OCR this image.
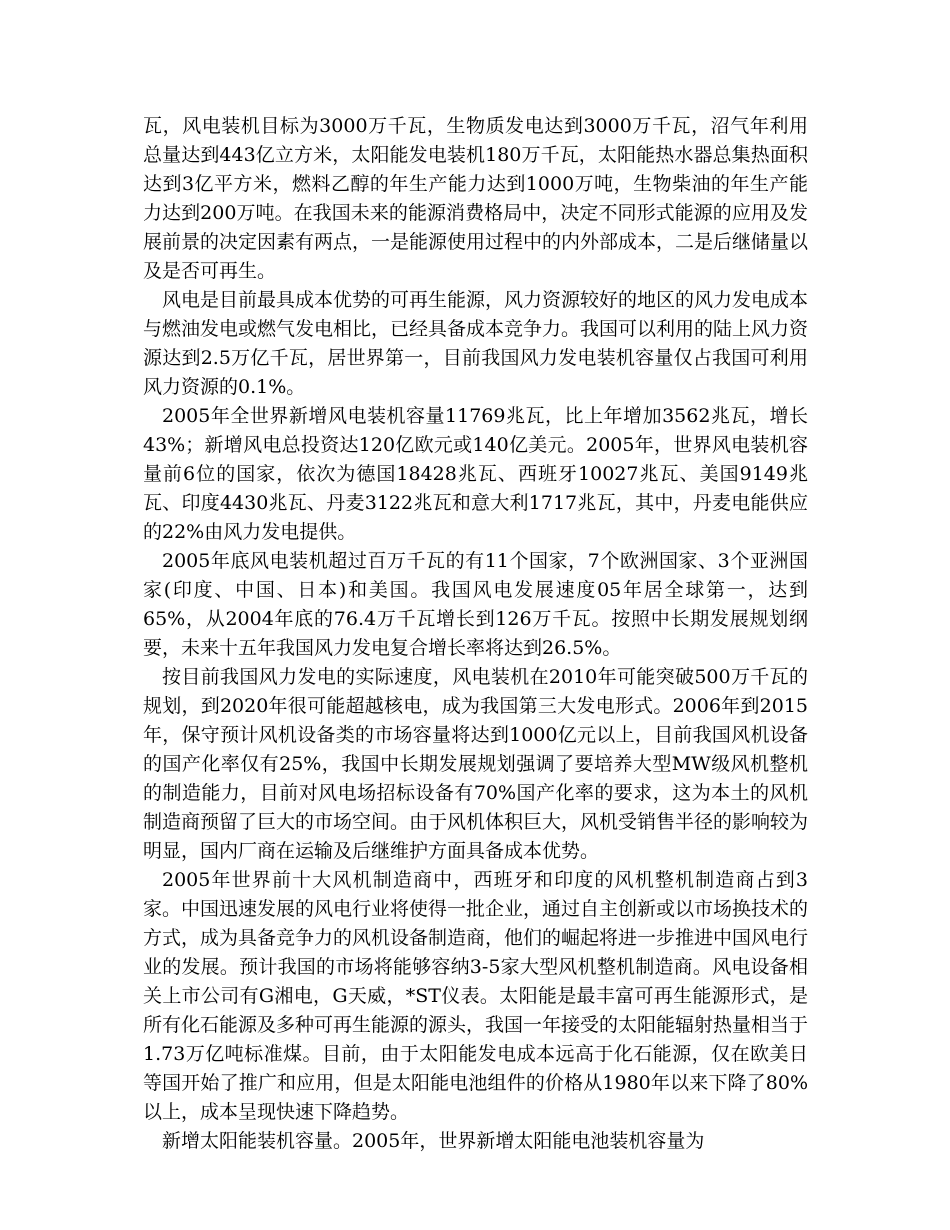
瓦，风电装机目标为3000万千瓦，生物质发电达到3000万千瓦，沼气年利用总量达到443亿立方米，太阳能发电装机180万千瓦，太阳能热水器总集热面积达到3亿平方米，燃料乙醇的年生产能力达到1000万吨，生物柴油的年生产能力达到200万吨。在我国未来的能源消费格局中，决定不同形式能源的应用及发展前景的决定因素有两点，一是能源使用过程中的内外部成本，二是后继储量以及是否可再生。

风电是目前最具成本优势的可再生能源，风力资源较好的地区的风力发电成本与燃油发电或燃气发电相比，已经具备成本竞争力。我国可以利用的陆上风力资源达到2.5万亿千瓦，居世界第一，目前我国风力发电装机容量仅占我国可利用风力资源的0.1%。

2005年全世界新增风电装机容量11769兆瓦，比上年增加3562兆瓦，增长43%；新增风电总投资达120亿欧元或140亿美元。2005年，世界风电装机容量前6位的国家，依次为德国18428兆瓦、西班牙10027兆瓦、美国9149兆瓦、印度4430兆瓦、丹麦3122兆瓦和意大利1717兆瓦，其中，丹麦电能供应的22%由风力发电提供。

2005年底风电装机超过百万千瓦的有11个国家，7个欧洲国家、3个亚洲国家(印度、中国、日本)和美国。我国风电发展速度05年居全球第一，达到65%，从2004年底的76.4万千瓦增长到126万千瓦。按照中长期发展规划纲要，未来十五年我国风力发电复合增长率将达到26.5%。

按目前我国风力发电的实际速度，风电装机在2010年可能突破500万千瓦的规划，到2020年很可能超越核电，成为我国第三大发电形式。2006年到2015年，保守预计风机设备类的市场容量将达到1000亿元以上，目前我国风机设备的国产化率仅有25%，我国中长期发展规划强调了要培养大型MW级风机整机的制造能力，目前对风电场招标设备有70%国产化率的要求，这为本土的风机制造商预留了巨大的市场空间。由于风机体积巨大，风机受销售半径的影响较为明显，国内厂商在运输及后继维护方面具备成本优势。

2005年世界前十大风机制造商中，西班牙和印度的风机整机制造商占到3家。中国迅速发展的风电行业将使得一批企业，通过自主创新或以市场换技术的方式，成为具备竞争力的风机设备制造商，他们的崛起将进一步推进中国风电行业的发展。预计我国的市场将能够容纳3-5家大型风机整机制造商。风电设备相关上市公司有G湘电，G天威，*ST仪表。太阳能是最丰富可再生能源形式，是所有化石能源及多种可再生能源的源头，我国一年接受的太阳能辐射热量相当于1.73万亿吨标准煤。目前，由于太阳能发电成本远高于化石能源，仅在欧美日等国开始了推广和应用，但是太阳能电池组件的价格从1980年以来下降了80%以上，成本呈现快速下降趋势。

新增太阳能装机容量。2005年，世界新增太阳能电池装机容量为
